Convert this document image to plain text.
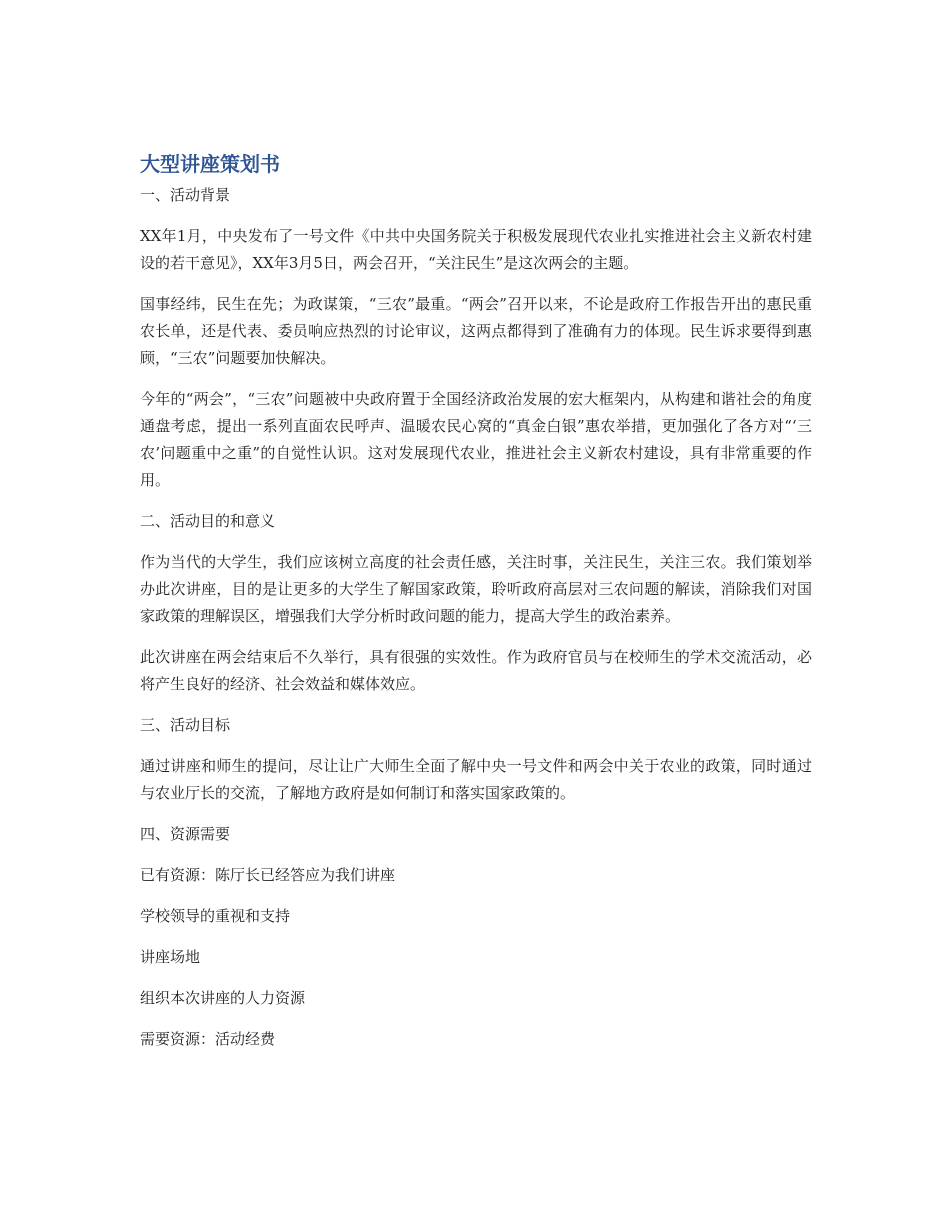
大型讲座策划书
一、活动背景
XX年1月，中央发布了一号文件《中共中央国务院关于积极发展现代农业扎实推进社会主义新农村建设的若干意见》，XX年3月5日，两会召开，“关注民生”是这次两会的主题。
国事经纬，民生在先；为政谋策，“三农”最重。“两会”召开以来，不论是政府工作报告开出的惠民重农长单，还是代表、委员响应热烈的讨论审议，这两点都得到了准确有力的体现。民生诉求要得到惠顾，“三农”问题要加快解决。
今年的“两会”，“三农”问题被中央政府置于全国经济政治发展的宏大框架内，从构建和谐社会的角度通盘考虑，提出一系列直面农民呼声、温暖农民心窝的“真金白银”惠农举措，更加强化了各方对“‘三农’问题重中之重”的自觉性认识。这对发展现代农业，推进社会主义新农村建设，具有非常重要的作用。
二、活动目的和意义
作为当代的大学生，我们应该树立高度的社会责任感，关注时事，关注民生，关注三农。我们策划举办此次讲座，目的是让更多的大学生了解国家政策，聆听政府高层对三农问题的解读，消除我们对国家政策的理解误区，增强我们大学分析时政问题的能力，提高大学生的政治素养。
此次讲座在两会结束后不久举行，具有很强的实效性。作为政府官员与在校师生的学术交流活动，必将产生良好的经济、社会效益和媒体效应。
三、活动目标
通过讲座和师生的提问，尽让让广大师生全面了解中央一号文件和两会中关于农业的政策，同时通过与农业厅长的交流，了解地方政府是如何制订和落实国家政策的。
四、资源需要
已有资源：陈厅长已经答应为我们讲座
学校领导的重视和支持
讲座场地
组织本次讲座的人力资源
需要资源：活动经费
